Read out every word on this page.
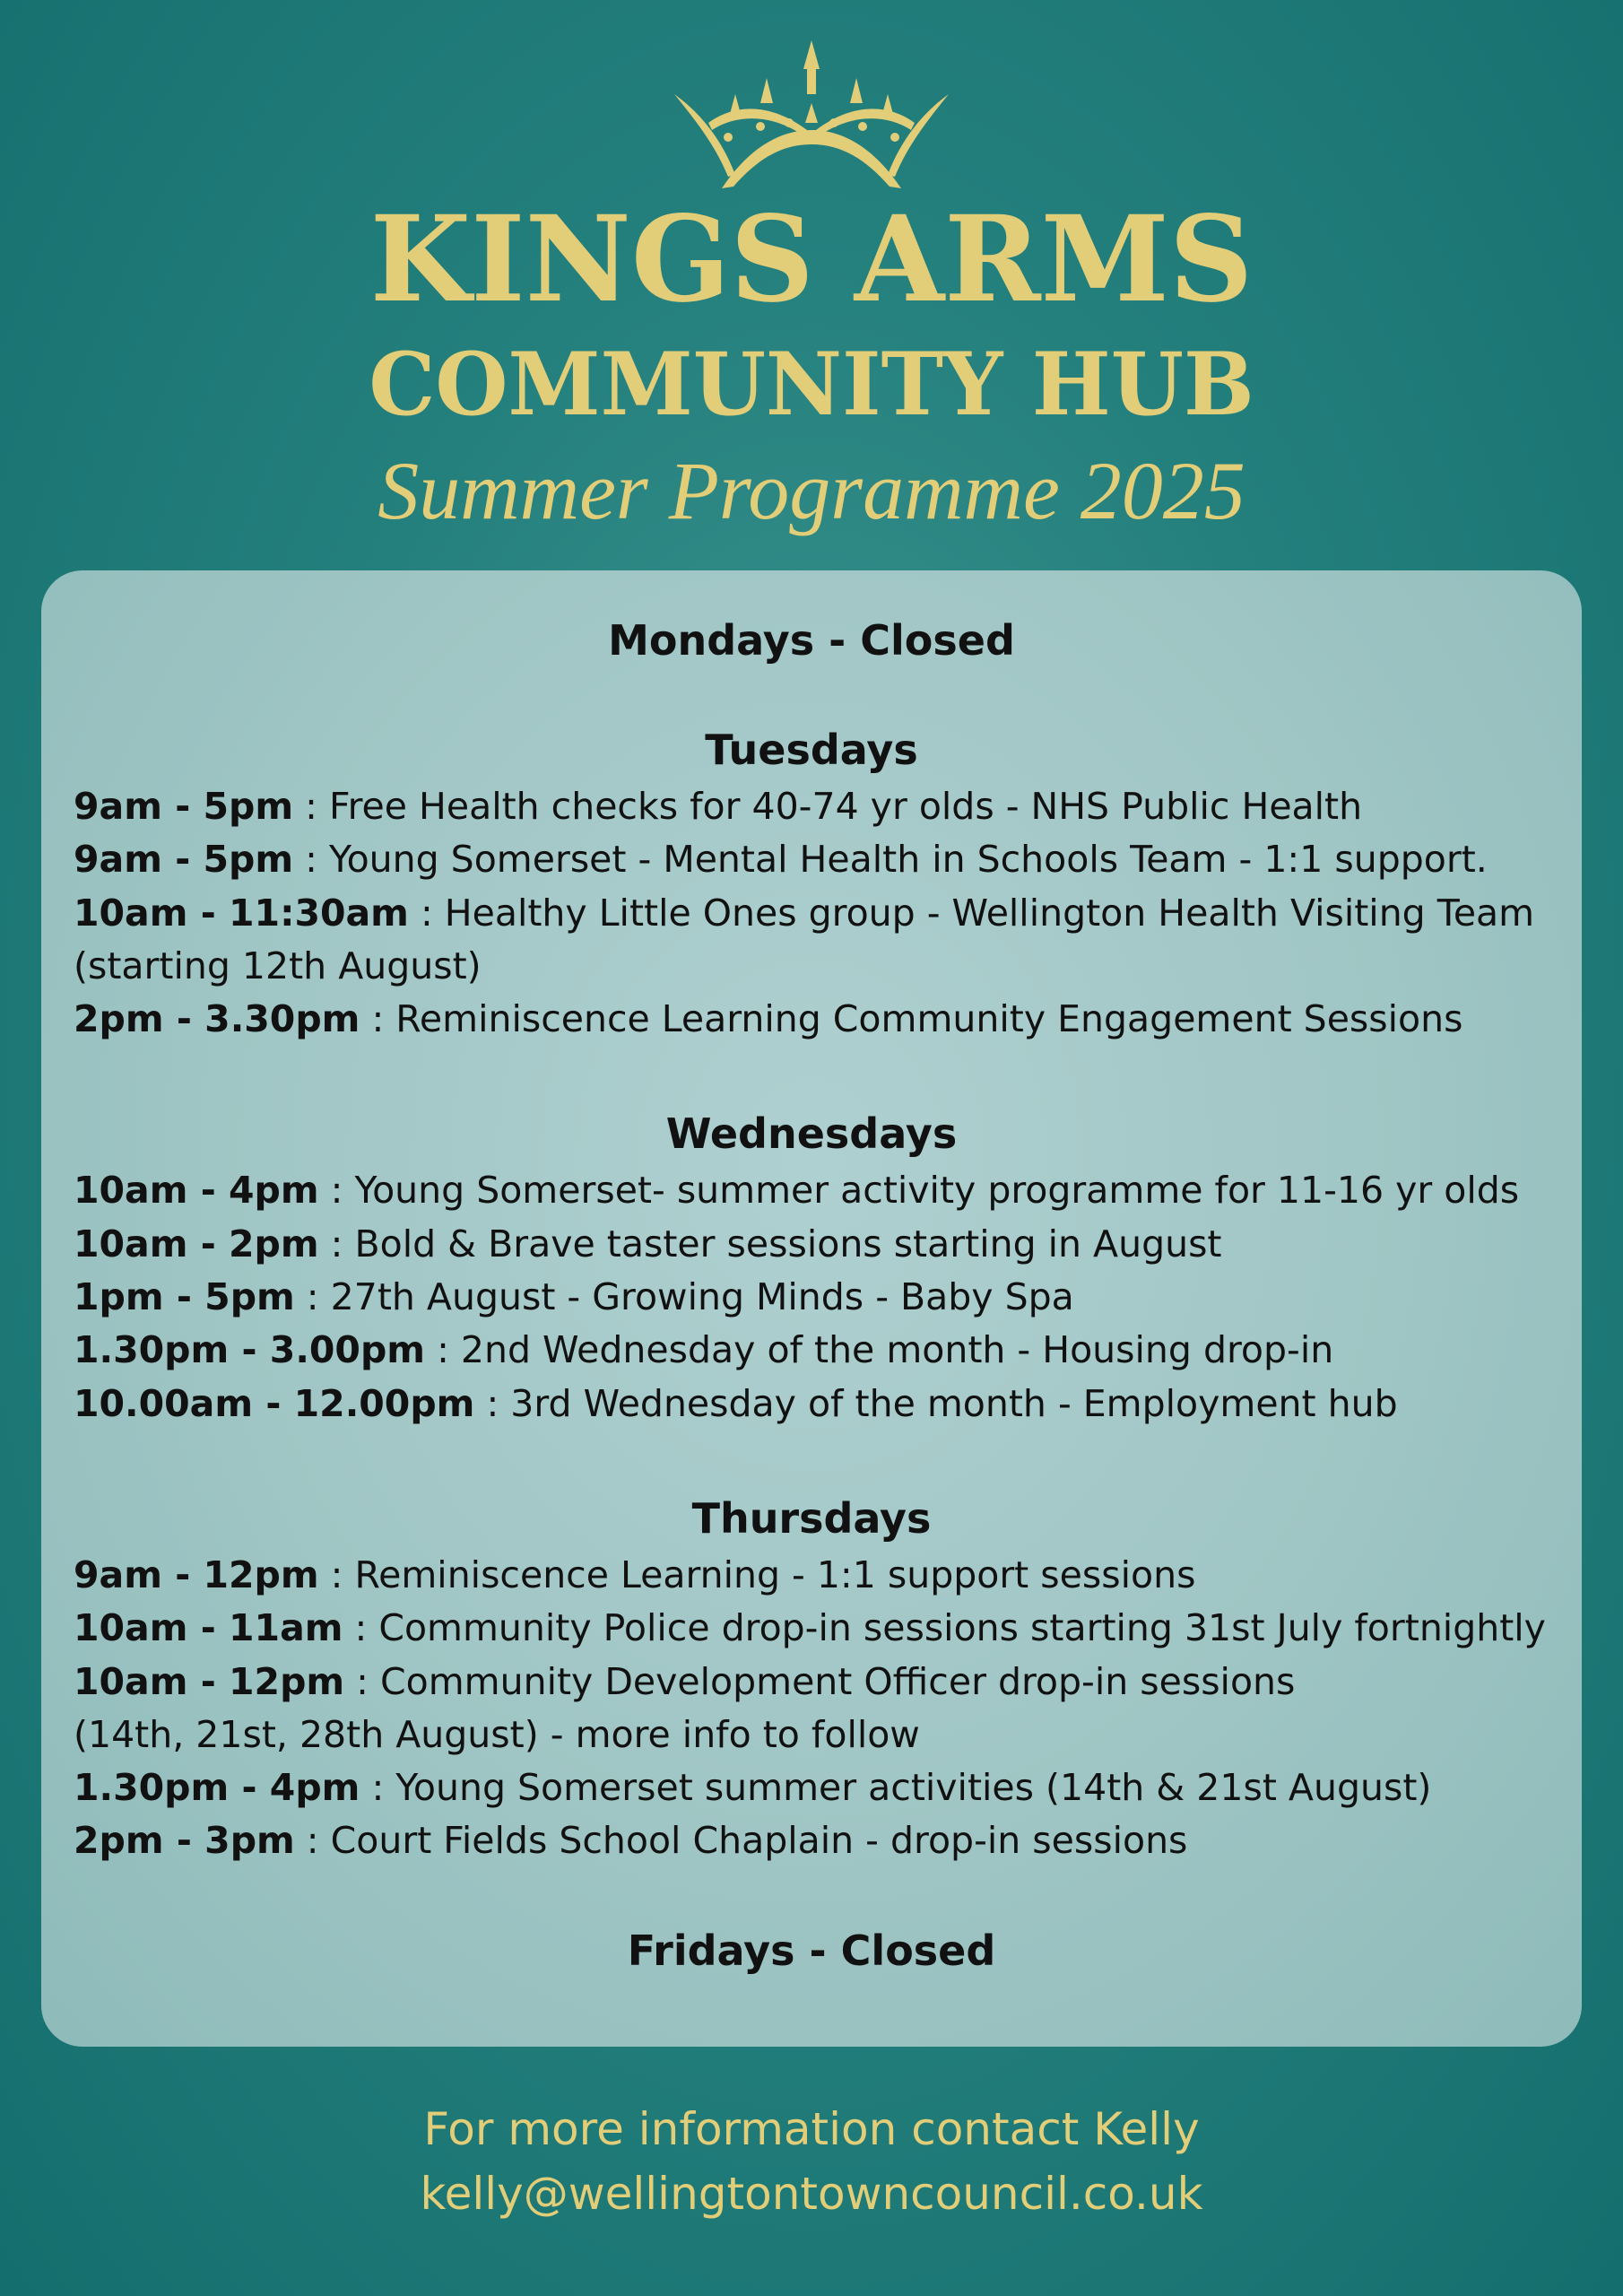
KINGS ARMS
COMMUNITY HUB
Summer Programme 2025
Mondays - Closed
Tuesdays
9am - 5pm : Free Health checks for 40-74 yr olds - NHS Public Health
9am - 5pm : Young Somerset - Mental Health in Schools Team - 1:1 support.
10am - 11:30am : Healthy Little Ones group - Wellington Health Visiting Team
(starting 12th August)
2pm - 3.30pm : Reminiscence Learning Community Engagement Sessions
Wednesdays
10am - 4pm : Young Somerset- summer activity programme for 11-16 yr olds
10am - 2pm : Bold & Brave taster sessions starting in August
1pm - 5pm : 27th August - Growing Minds - Baby Spa
1.30pm - 3.00pm : 2nd Wednesday of the month - Housing drop-in
10.00am - 12.00pm : 3rd Wednesday of the month - Employment hub
Thursdays
9am - 12pm : Reminiscence Learning - 1:1 support sessions
10am - 11am : Community Police drop-in sessions starting 31st July fortnightly
10am - 12pm : Community Development Officer drop-in sessions
(14th, 21st, 28th August) - more info to follow
1.30pm - 4pm : Young Somerset summer activities (14th & 21st August)
2pm - 3pm : Court Fields School Chaplain - drop-in sessions
Fridays - Closed
For more information contact Kelly
kelly@wellingtontowncouncil.co.uk
